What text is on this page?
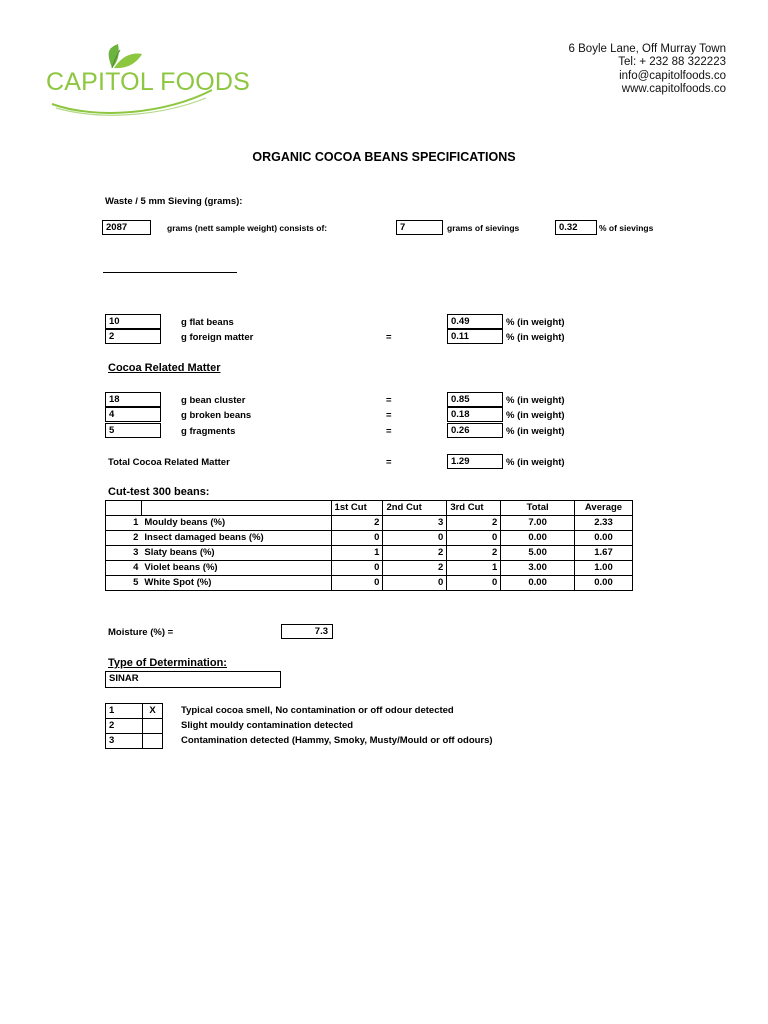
CAPITOL FOODS
6 Boyle Lane, Off Murray Town
Tel: + 232 88 322223
info@capitolfoods.co
www.capitolfoods.co
ORGANIC COCOA BEANS SPECIFICATIONS
Waste / 5 mm Sieving (grams):
2087	grams (nett sample weight) consists of:	7	grams of sievings	0.32	% of sievings
10	g flat beans	0.49	% (in weight)
2	g foreign matter	=	0.11	% (in weight)
Cocoa Related Matter
18	g bean cluster	=	0.85	% (in weight)
4	g broken beans	=	0.18	% (in weight)
5	g fragments	=	0.26	% (in weight)
Total Cocoa Related Matter	=	1.29	% (in weight)
Cut-test 300 beans:
		1st Cut	2nd Cut	3rd Cut	Total	Average
1	Mouldy beans (%)	2	3	2	7.00	2.33
2	Insect damaged beans (%)	0	0	0	0.00	0.00
3	Slaty beans (%)	1	2	2	5.00	1.67
4	Violet beans (%)	0	2	1	3.00	1.00
5	White Spot (%)	0	0	0	0.00	0.00
Moisture (%) =	7.3
Type of Determination:
SINAR
1	X	Typical cocoa smell, No contamination or off odour detected
2		Slight mouldy contamination detected
3		Contamination detected (Hammy, Smoky, Musty/Mould or off odours)
